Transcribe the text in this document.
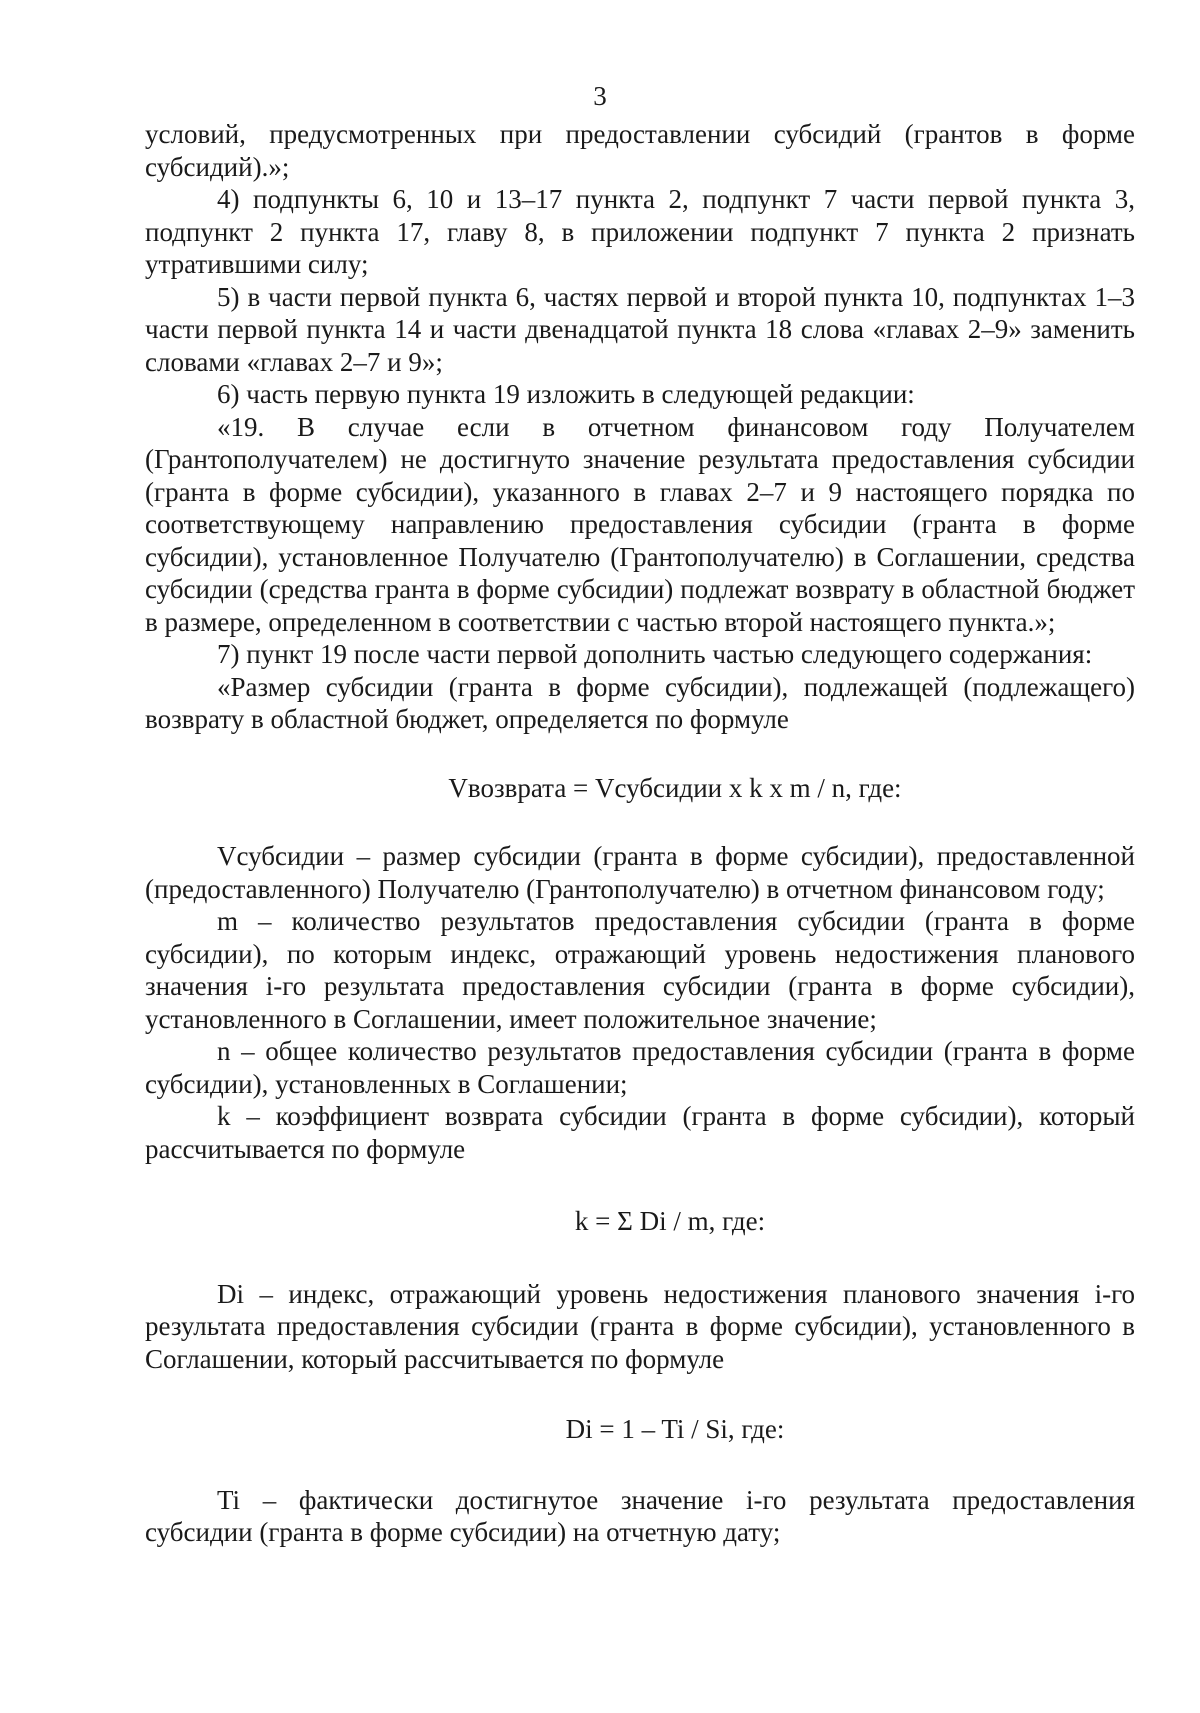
3

условий, предусмотренных при предоставлении субсидий (грантов в форме субсидий).»;

4) подпункты 6, 10 и 13–17 пункта 2, подпункт 7 части первой пункта 3, подпункт 2 пункта 17, главу 8, в приложении подпункт 7 пункта 2 признать утратившими силу;

5) в части первой пункта 6, частях первой и второй пункта 10, подпунктах 1–3 части первой пункта 14 и части двенадцатой пункта 18 слова «главах 2–9» заменить словами «главах 2–7 и 9»;

6) часть первую пункта 19 изложить в следующей редакции:

«19. В случае если в отчетном финансовом году Получателем (Грантополучателем) не достигнуто значение результата предоставления субсидии (гранта в форме субсидии), указанного в главах 2–7 и 9 настоящего порядка по соответствующему направлению предоставления субсидии (гранта в форме субсидии), установленное Получателю (Грантополучателю) в Соглашении, средства субсидии (средства гранта в форме субсидии) подлежат возврату в областной бюджет в размере, определенном в соответствии с частью второй настоящего пункта.»;

7) пункт 19 после части первой дополнить частью следующего содержания:

«Размер субсидии (гранта в форме субсидии), подлежащей (подлежащего) возврату в областной бюджет, определяется по формуле

Vвозврата = Vсубсидии x k x m / n, где:

Vсубсидии – размер субсидии (гранта в форме субсидии), предоставленной (предоставленного) Получателю (Грантополучателю) в отчетном финансовом году;

m – количество результатов предоставления субсидии (гранта в форме субсидии), по которым индекс, отражающий уровень недостижения планового значения i-го результата предоставления субсидии (гранта в форме субсидии), установленного в Соглашении, имеет положительное значение;

n – общее количество результатов предоставления субсидии (гранта в форме субсидии), установленных в Соглашении;

k – коэффициент возврата субсидии (гранта в форме субсидии), который рассчитывается по формуле

k = Σ Di / m, где:

Di – индекс, отражающий уровень недостижения планового значения i-го результата предоставления субсидии (гранта в форме субсидии), установленного в Соглашении, который рассчитывается по формуле

Di = 1 – Ti / Si, где:

Ti – фактически достигнутое значение i-го результата предоставления субсидии (гранта в форме субсидии) на отчетную дату;
